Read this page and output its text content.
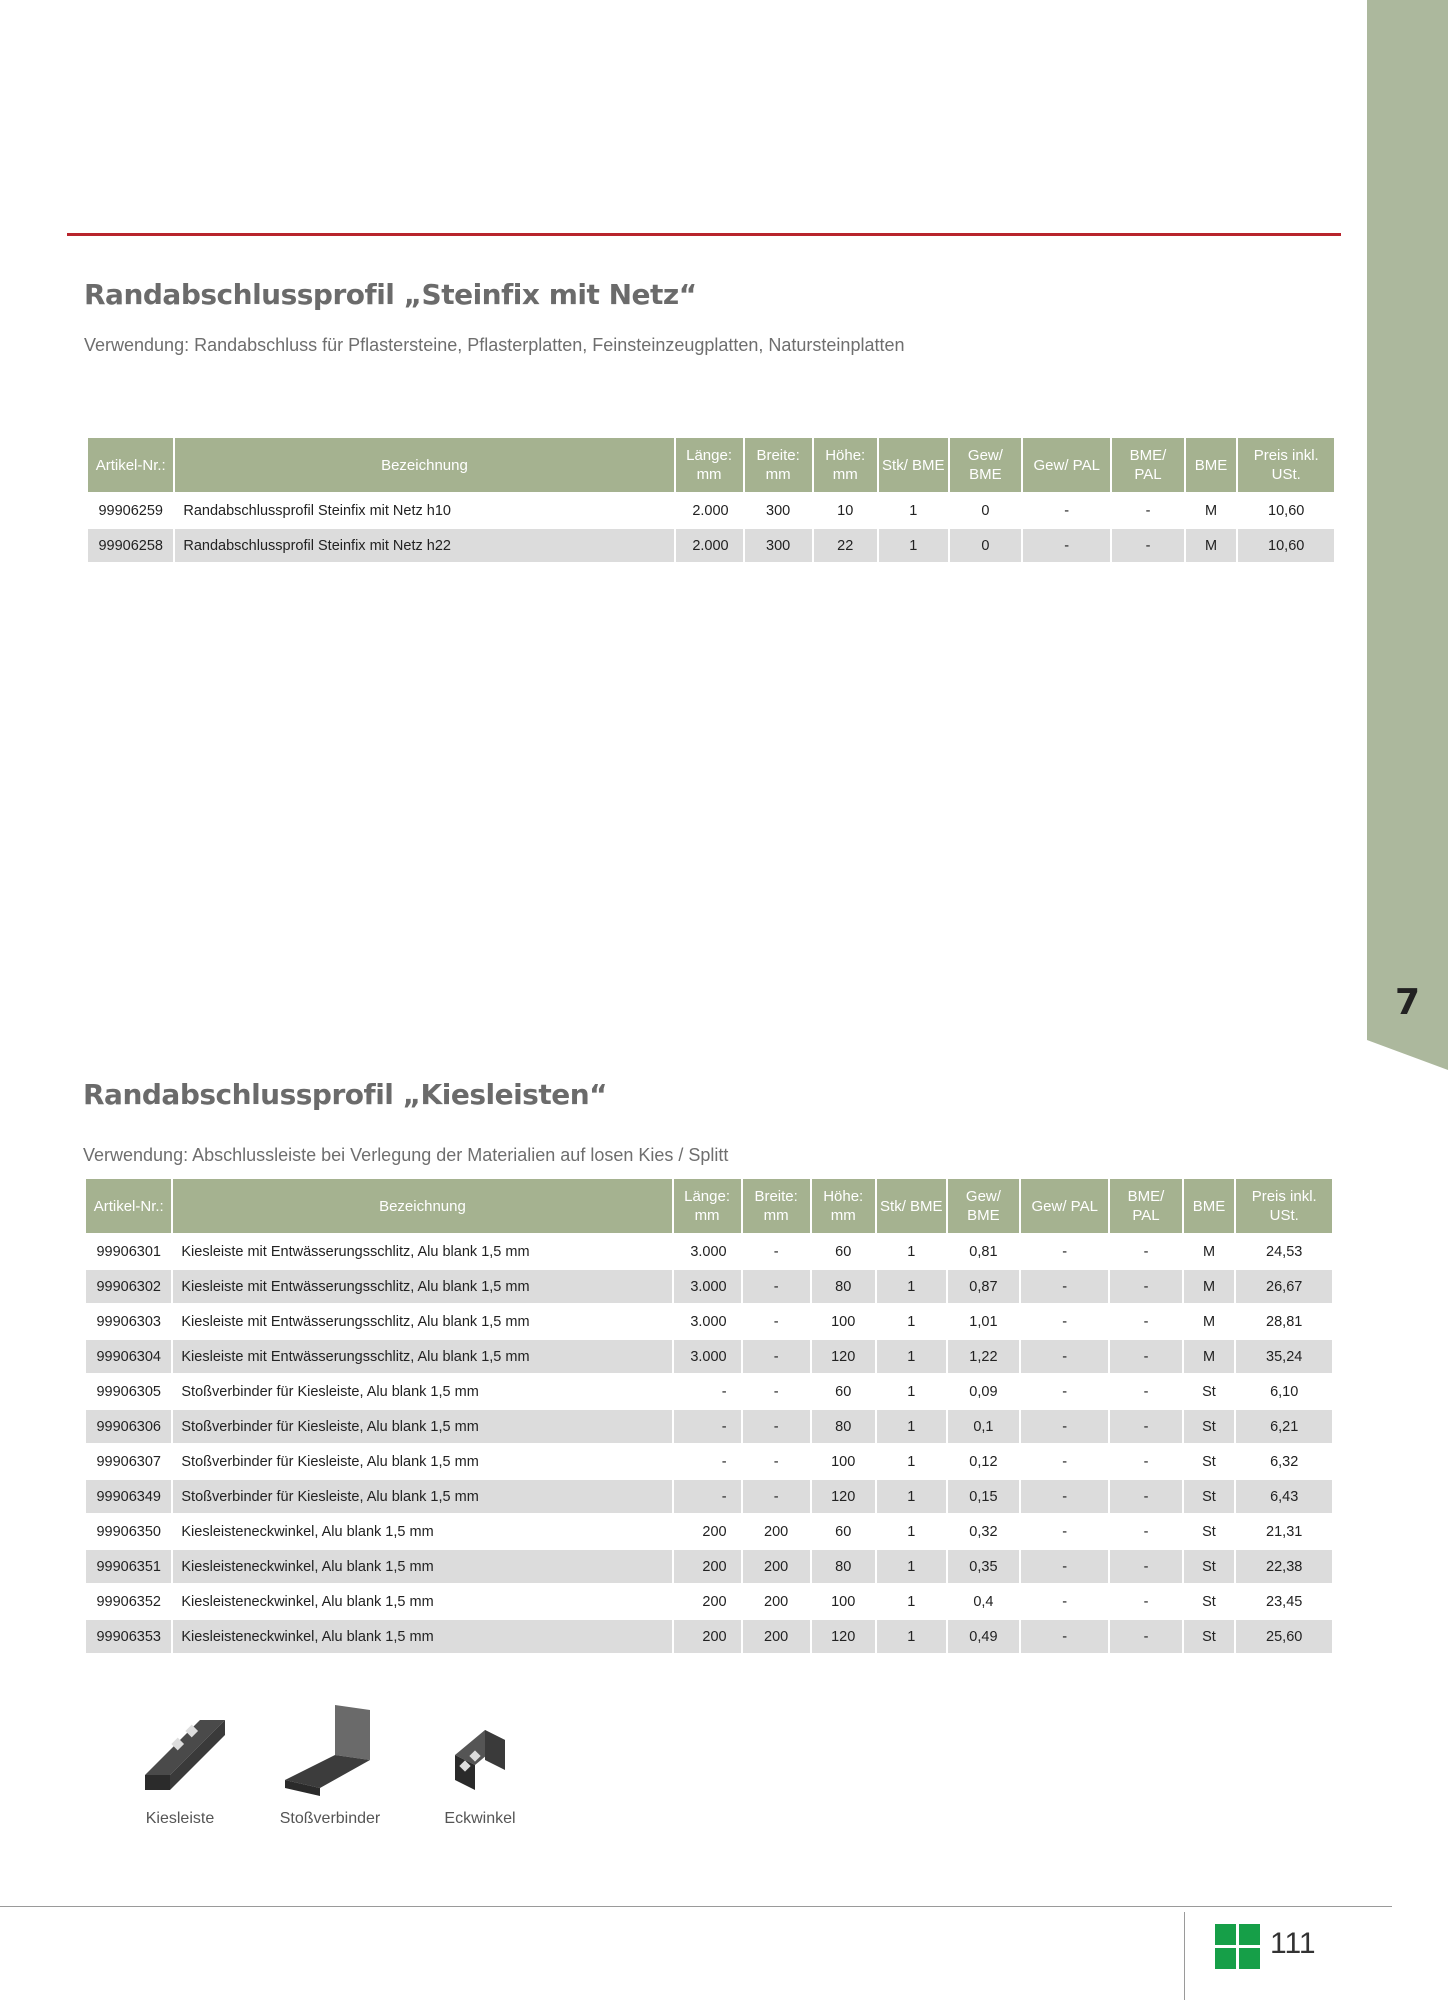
7
Randabschlussprofil „Steinfix mit Netz“

Verwendung: Randabschluss für Pflastersteine, Pflasterplatten, Feinsteinzeugplatten, Natursteinplatten

Artikel-Nr.:	Bezeichnung	Länge: mm	Breite: mm	Höhe: mm	Stk/ BME	Gew/ BME	Gew/ PAL	BME/ PAL	BME	Preis inkl. USt.
99906259	Randabschlussprofil Steinfix mit Netz h10	2.000	300	10	1	0	-	-	M	10,60
99906258	Randabschlussprofil Steinfix mit Netz h22	2.000	300	22	1	0	-	-	M	10,60
Randabschlussprofil „Kiesleisten“

Verwendung: Abschlussleiste bei Verlegung der Materialien auf losen Kies / Splitt

Artikel-Nr.:	Bezeichnung	Länge: mm	Breite: mm	Höhe: mm	Stk/ BME	Gew/ BME	Gew/ PAL	BME/ PAL	BME	Preis inkl. USt.
99906301	Kiesleiste mit Entwässerungsschlitz, Alu blank 1,5 mm	3.000	-	60	1	0,81	-	-	M	24,53
99906302	Kiesleiste mit Entwässerungsschlitz, Alu blank 1,5 mm	3.000	-	80	1	0,87	-	-	M	26,67
99906303	Kiesleiste mit Entwässerungsschlitz, Alu blank 1,5 mm	3.000	-	100	1	1,01	-	-	M	28,81
99906304	Kiesleiste mit Entwässerungsschlitz, Alu blank 1,5 mm	3.000	-	120	1	1,22	-	-	M	35,24
99906305	Stoßverbinder für Kiesleiste, Alu blank 1,5 mm	-	-	60	1	0,09	-	-	St	6,10
99906306	Stoßverbinder für Kiesleiste, Alu blank 1,5 mm	-	-	80	1	0,1	-	-	St	6,21
99906307	Stoßverbinder für Kiesleiste, Alu blank 1,5 mm	-	-	100	1	0,12	-	-	St	6,32
99906349	Stoßverbinder für Kiesleiste, Alu blank 1,5 mm	-	-	120	1	0,15	-	-	St	6,43
99906350	Kiesleisteneckwinkel, Alu blank 1,5 mm	200	200	60	1	0,32	-	-	St	21,31
99906351	Kiesleisteneckwinkel, Alu blank 1,5 mm	200	200	80	1	0,35	-	-	St	22,38
99906352	Kiesleisteneckwinkel, Alu blank 1,5 mm	200	200	100	1	0,4	-	-	St	23,45
99906353	Kiesleisteneckwinkel, Alu blank 1,5 mm	200	200	120	1	0,49	-	-	St	25,60
Kiesleiste	Stoßverbinder	Eckwinkel
111
